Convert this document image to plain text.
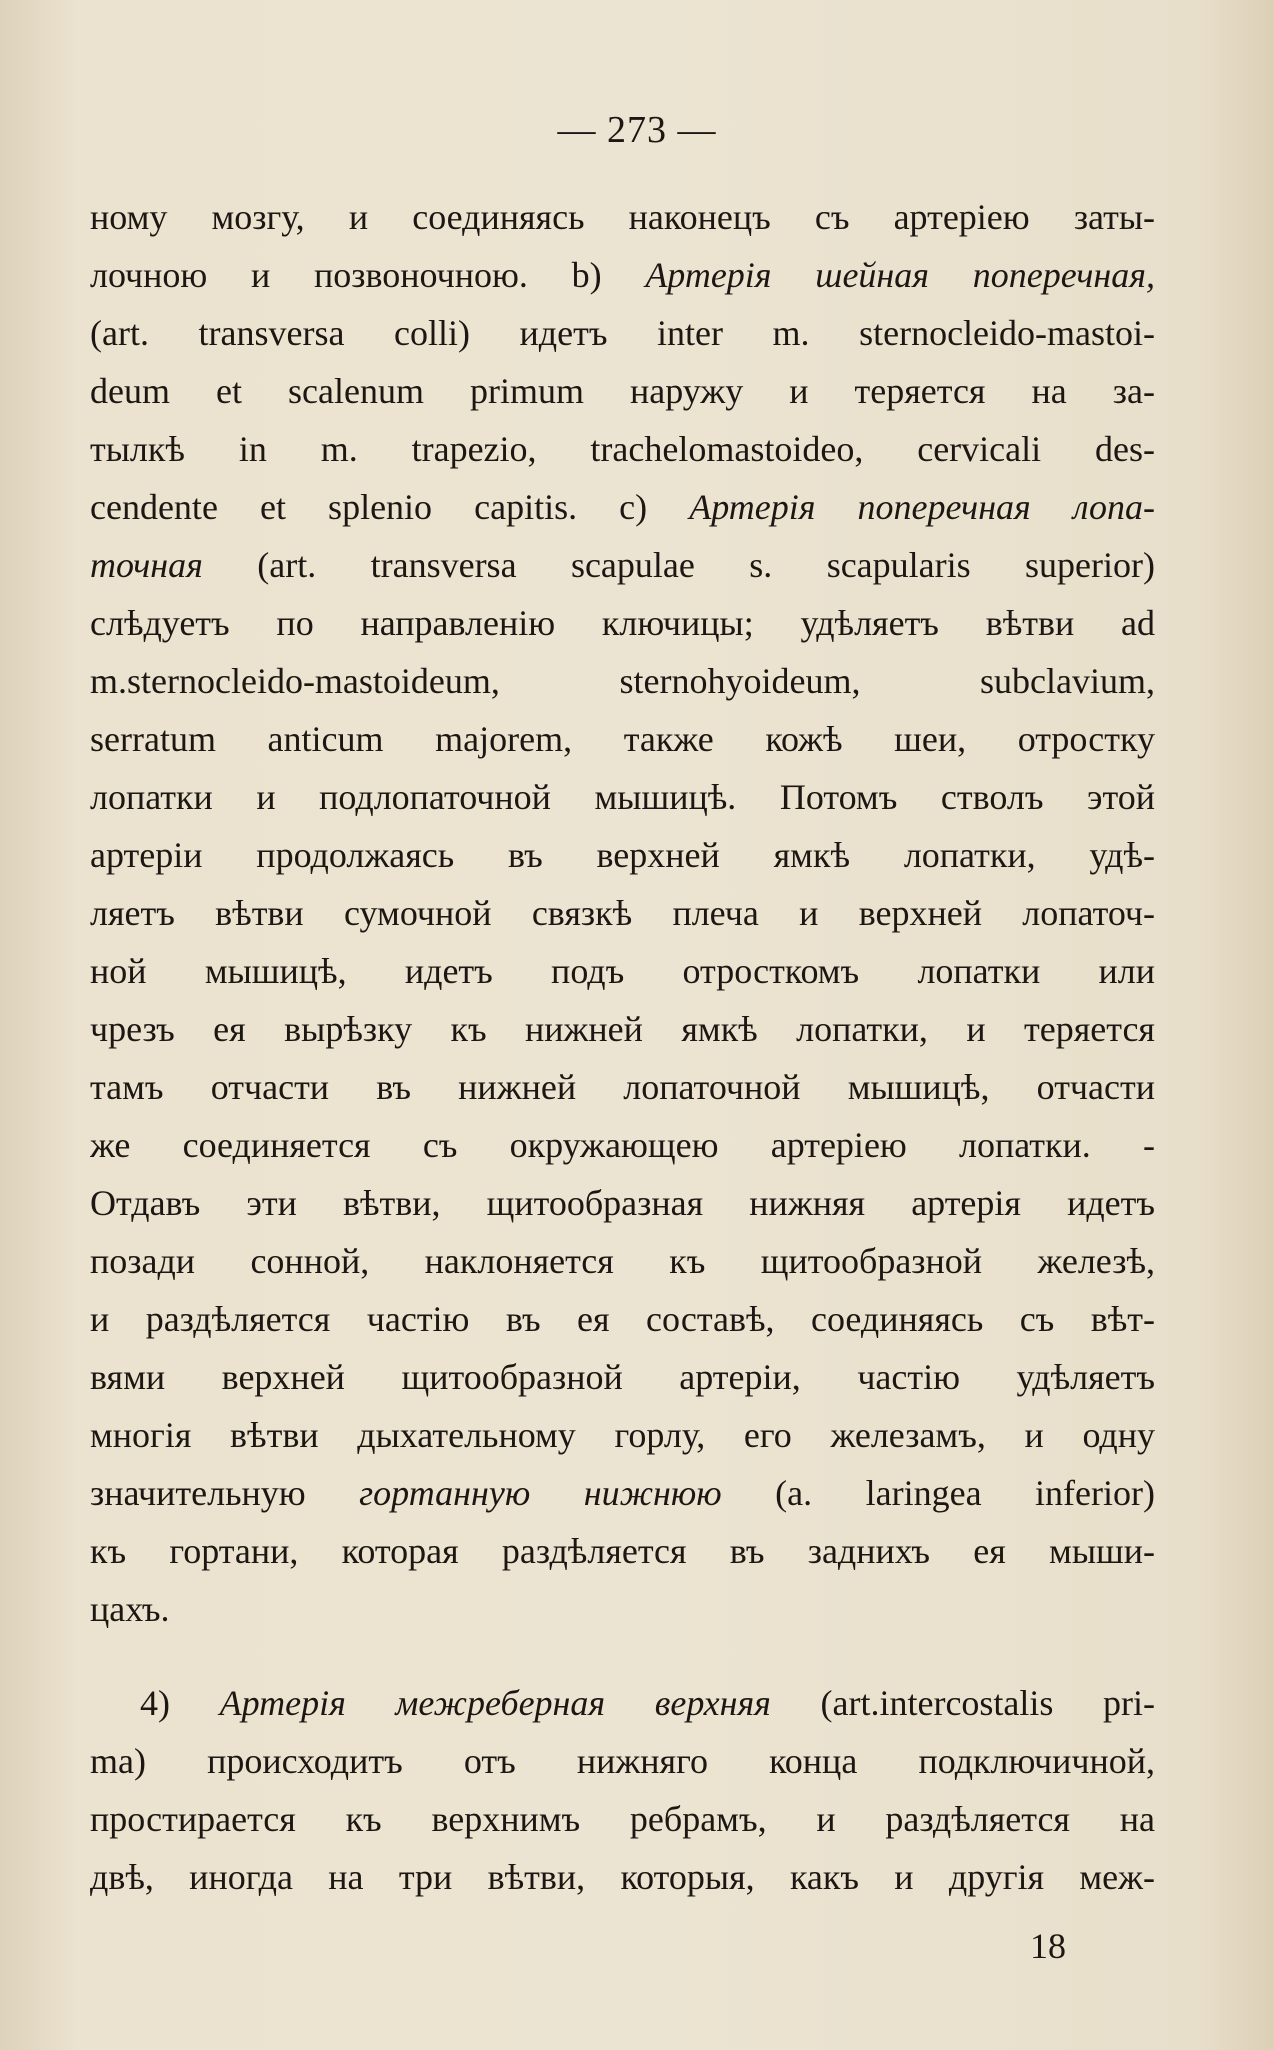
— 273 —
ному мозгу, и соединяясь наконецъ съ артеріею заты-
лочною и позвоночною. b) Артерія шейная поперечная,
(art. transversa colli) идетъ inter m. sternocleido-mastoi-
deum et scalenum primum наружу и теряется на за-
тылкѣ in m. trapezio, trachelomastoideo, cervicali des-
cendente et splenio capitis. c) Артерія поперечная лопа-
точная (art. transversa scapulae s. scapularis superior)
слѣдуетъ по направленію ключицы; удѣляетъ вѣтви ad
m.sternocleido-mastoideum, sternohyoideum, subclavium,
serratum anticum majorem, также кожѣ шеи, отростку
лопатки и подлопаточной мышицѣ. Потомъ стволъ этой
артеріи продолжаясь въ верхней ямкѣ лопатки, удѣ-
ляетъ вѣтви сумочной связкѣ плеча и верхней лопаточ-
ной мышицѣ, идетъ подъ отросткомъ лопатки или
чрезъ ея вырѣзку къ нижней ямкѣ лопатки, и теряется
тамъ отчасти въ нижней лопаточной мышицѣ, отчасти
же соединяется съ окружающею артеріею лопатки. -
Отдавъ эти вѣтви, щитообразная нижняя артерія идетъ
позади сонной, наклоняется къ щитообразной железѣ,
и раздѣляется частію въ ея составѣ, соединяясь съ вѣт-
вями верхней щитообразной артеріи, частію удѣляетъ
многія вѣтви дыхательному горлу, его железамъ, и одну
значительную гортанную нижнюю (a. laringea inferior)
къ гортани, которая раздѣляется въ заднихъ ея мыши-
цахъ.
4) Артерія межреберная верхняя (art.intercostalis pri-
ma) происходитъ отъ нижняго конца подключичной,
простирается къ верхнимъ ребрамъ, и раздѣляется на
двѣ, иногда на три вѣтви, которыя, какъ и другія меж-
18
